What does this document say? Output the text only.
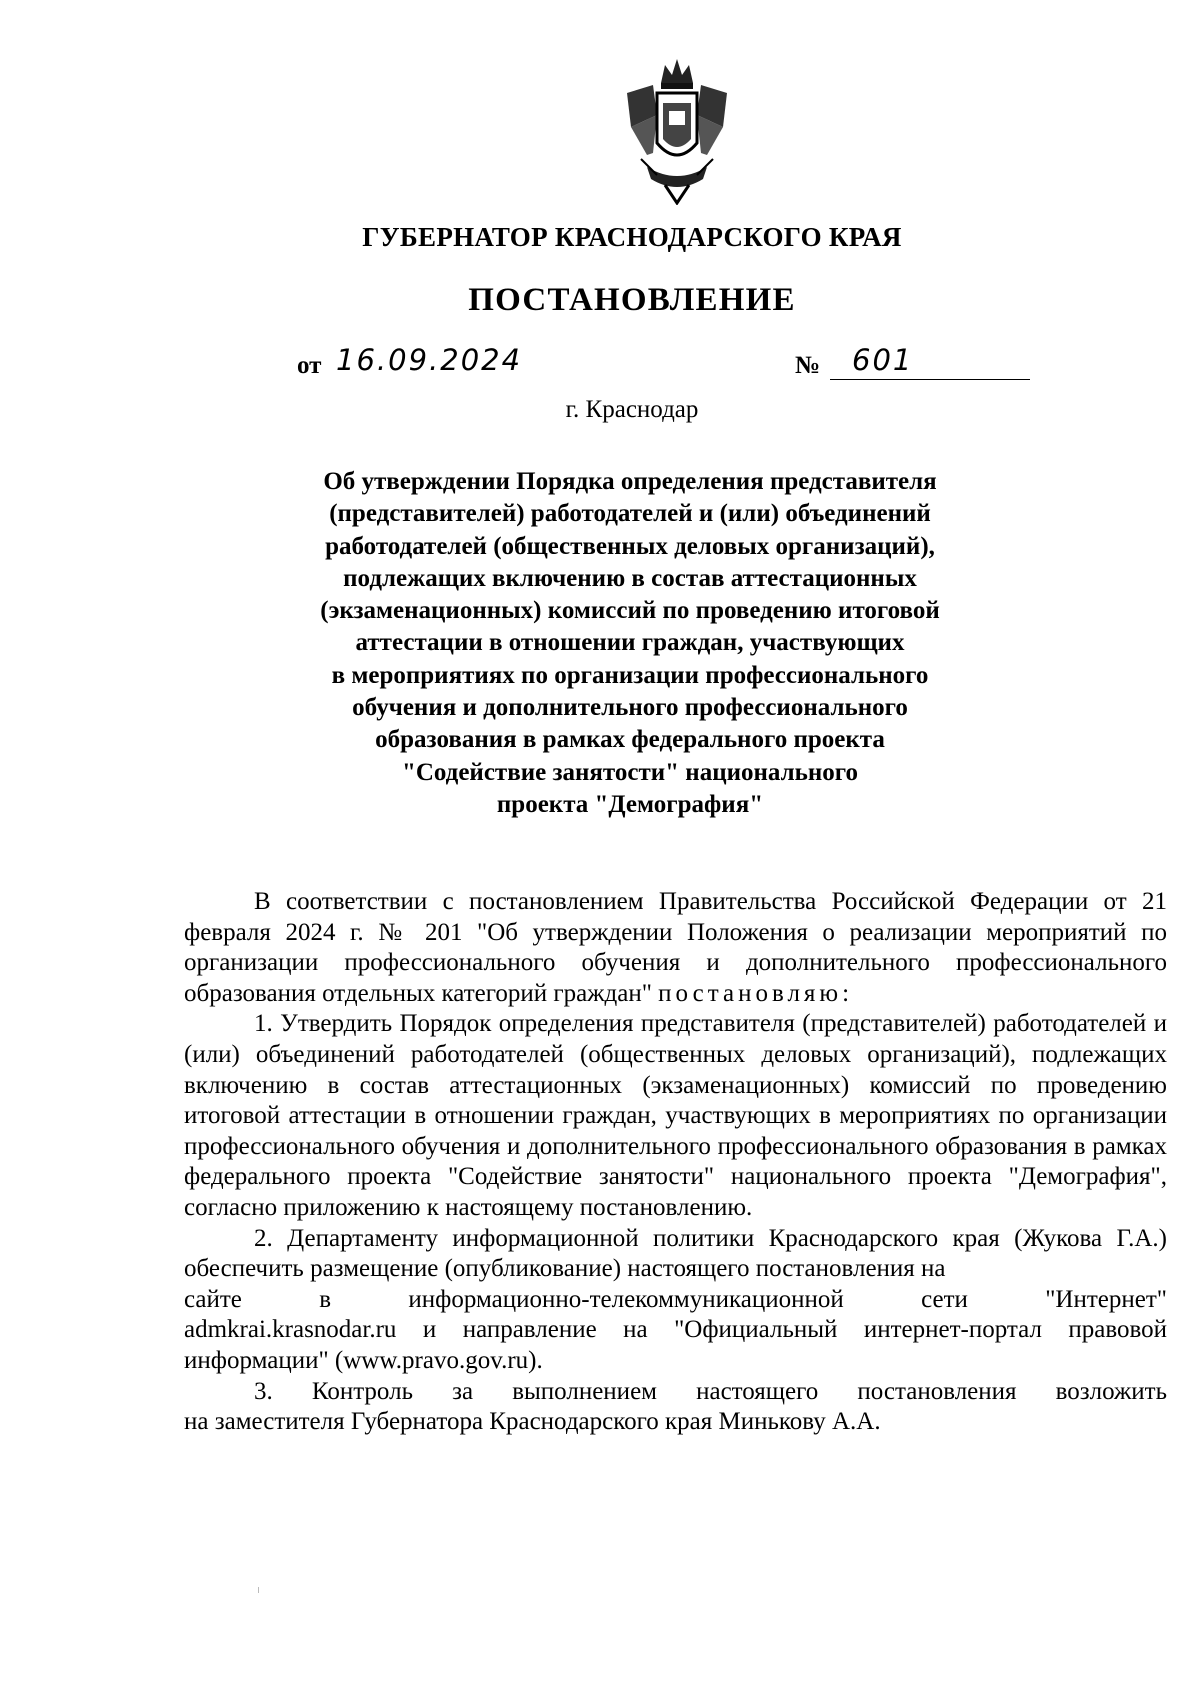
ГУБЕРНАТОР КРАСНОДАРСКОГО КРАЯ
ПОСТАНОВЛЕНИЕ
от 16.09.2024	№ 601
г. Краснодар
Об утверждении Порядка определения представителя
(представителей) работодателей и (или) объединений
работодателей (общественных деловых организаций),
подлежащих включению в состав аттестационных
(экзаменационных) комиссий по проведению итоговой
аттестации в отношении граждан, участвующих
в мероприятиях по организации профессионального
обучения и дополнительного профессионального
образования в рамках федерального проекта
"Содействие занятости" национального
проекта "Демография"

В соответствии с постановлением Правительства Российской Федерации от 21 февраля 2024 г. № 201 "Об утверждении Положения о реализации мероприятий по организации профессионального обучения и дополнительного профессионального образования отдельных категорий граждан" постановляю:

1. Утвердить Порядок определения представителя (представителей) работодателей и (или) объединений работодателей (общественных деловых организаций), подлежащих включению в состав аттестационных (экзаменационных) комиссий по проведению итоговой аттестации в отношении граждан, участвующих в мероприятиях по организации профессионального обучения и дополнительного профессионального образования в рамках федерального проекта "Содействие занятости" национального проекта "Демография", согласно приложению к настоящему постановлению.

2. Департаменту информационной политики Краснодарского края (Жукова Г.А.) обеспечить размещение (опубликование) настоящего постановления на

сайте в информационно-телекоммуникационной сети "Интернет"

admkrai.krasnodar.ru и направление на "Официальный интернет-портал правовой информации" (www.pravo.gov.ru).

3. Контроль за выполнением настоящего постановления возложить

на заместителя Губернатора Краснодарского края Минькову А.А.
